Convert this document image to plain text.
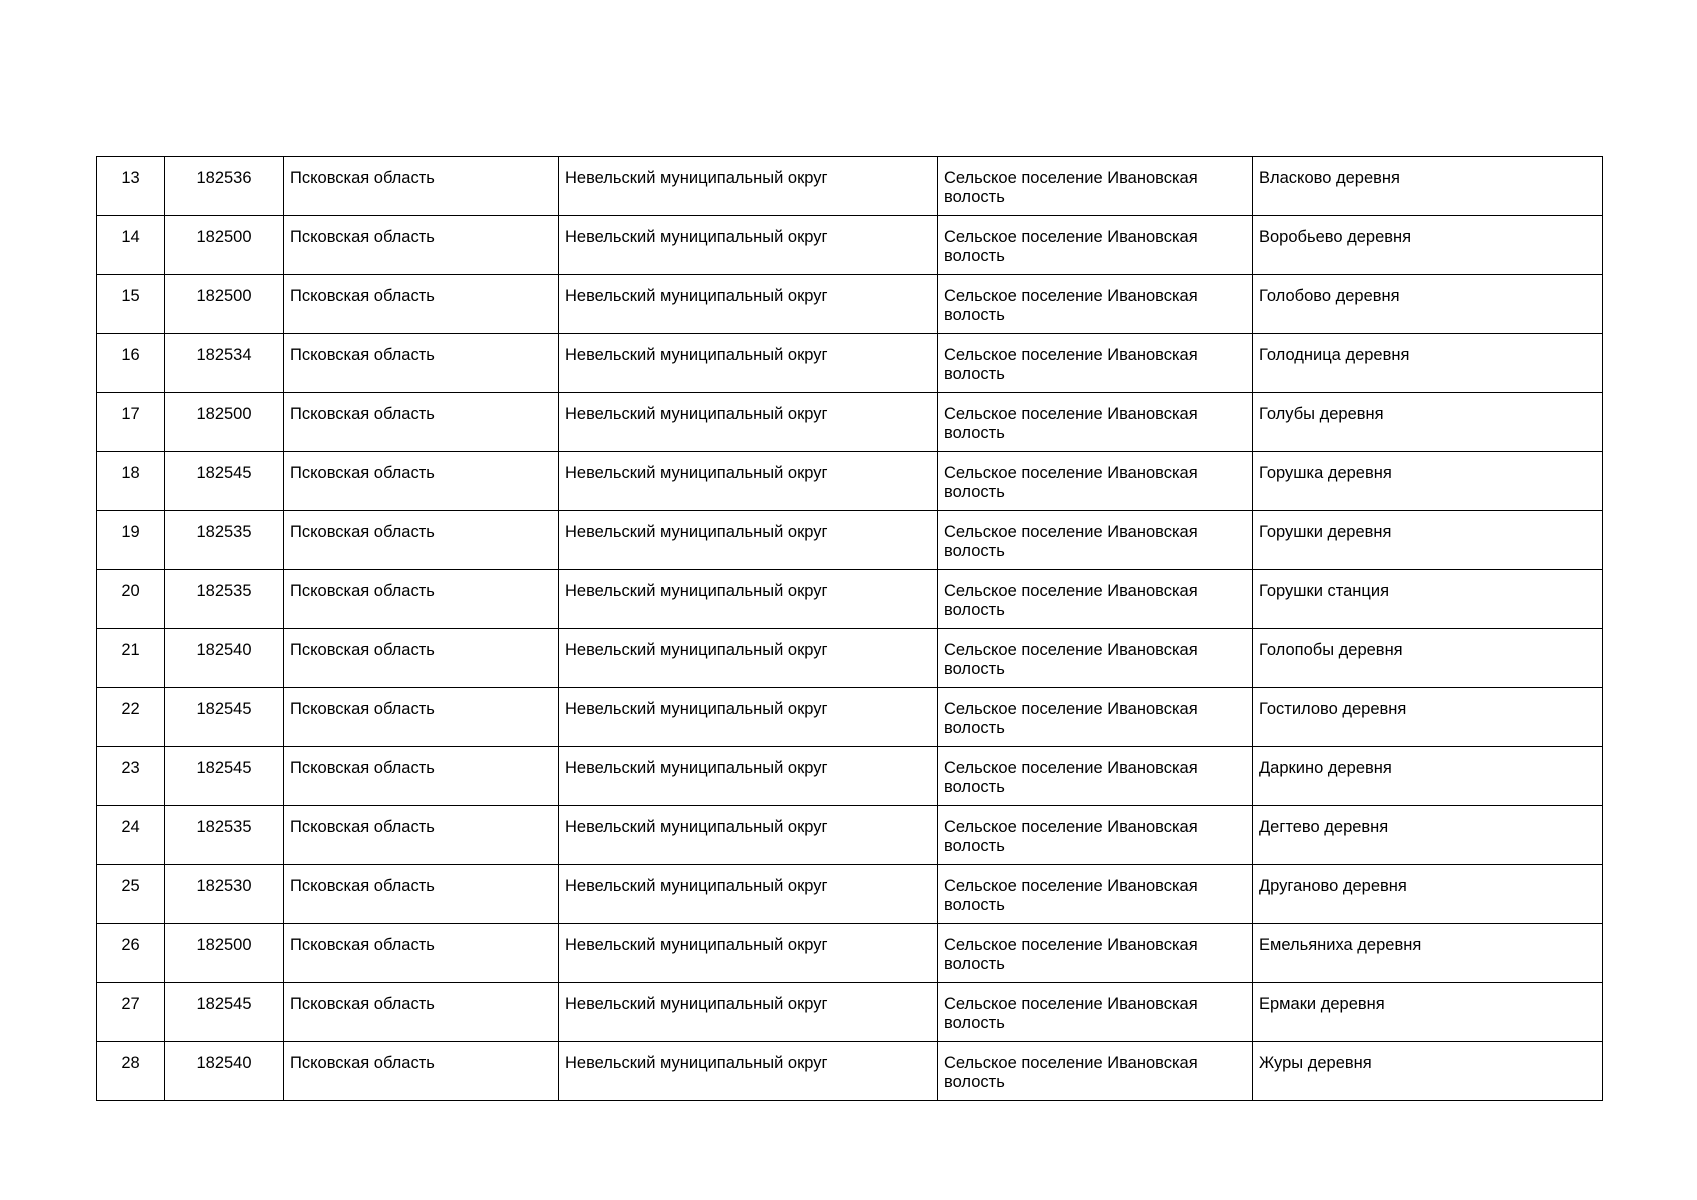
13	182536	Псковская область	Невельский муниципальный округ	Сельское поселение Ивановская волость	Власково деревня
14	182500	Псковская область	Невельский муниципальный округ	Сельское поселение Ивановская волость	Воробьево деревня
15	182500	Псковская область	Невельский муниципальный округ	Сельское поселение Ивановская волость	Голобово деревня
16	182534	Псковская область	Невельский муниципальный округ	Сельское поселение Ивановская волость	Голодница деревня
17	182500	Псковская область	Невельский муниципальный округ	Сельское поселение Ивановская волость	Голубы деревня
18	182545	Псковская область	Невельский муниципальный округ	Сельское поселение Ивановская волость	Горушка деревня
19	182535	Псковская область	Невельский муниципальный округ	Сельское поселение Ивановская волость	Горушки деревня
20	182535	Псковская область	Невельский муниципальный округ	Сельское поселение Ивановская волость	Горушки станция
21	182540	Псковская область	Невельский муниципальный округ	Сельское поселение Ивановская волость	Голопобы деревня
22	182545	Псковская область	Невельский муниципальный округ	Сельское поселение Ивановская волость	Гостилово деревня
23	182545	Псковская область	Невельский муниципальный округ	Сельское поселение Ивановская волость	Даркино деревня
24	182535	Псковская область	Невельский муниципальный округ	Сельское поселение Ивановская волость	Дегтево деревня
25	182530	Псковская область	Невельский муниципальный округ	Сельское поселение Ивановская волость	Друганово деревня
26	182500	Псковская область	Невельский муниципальный округ	Сельское поселение Ивановская волость	Емельяниха деревня
27	182545	Псковская область	Невельский муниципальный округ	Сельское поселение Ивановская волость	Ермаки деревня
28	182540	Псковская область	Невельский муниципальный округ	Сельское поселение Ивановская волость	Журы деревня
